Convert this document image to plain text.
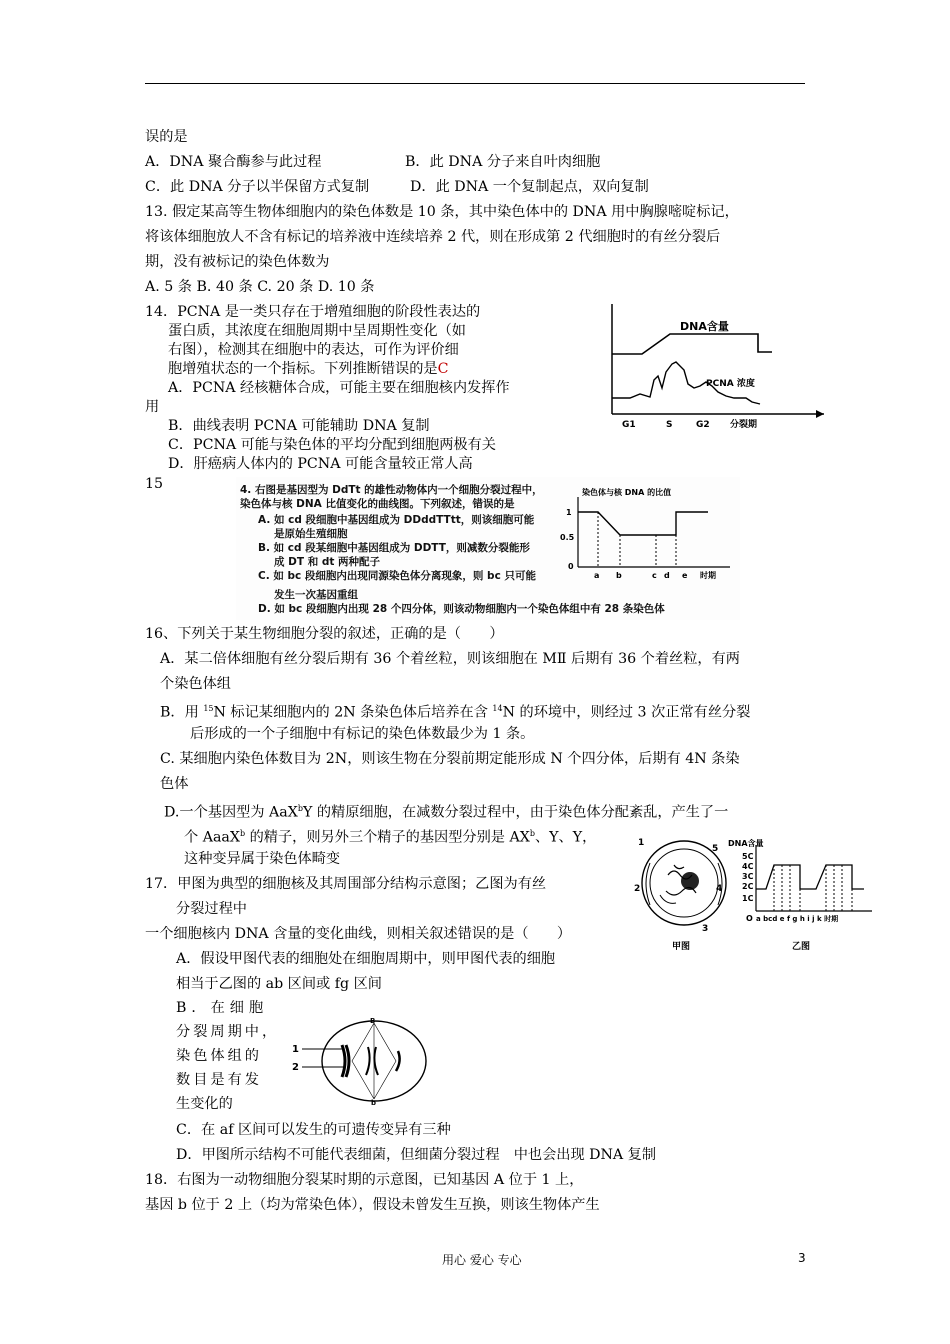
误的是
A．DNA 聚合酶参与此过程	B．此 DNA 分子来自叶肉细胞
C．此 DNA 分子以半保留方式复制	D．此 DNA 一个复制起点，双向复制
13. 假定某高等生物体细胞内的染色体数是 10 条，其中染色体中的 DNA 用中胸腺嘧啶标记，
将该体细胞放人不含有标记的培养液中连续培养 2 代，则在形成第 2 代细胞时的有丝分裂后
期，没有被标记的染色体数为
A. 5 条 B. 40 条 C. 20 条 D. 10 条
14．PCNA 是一类只存在于增殖细胞的阶段性表达的
蛋白质，其浓度在细胞周期中呈周期性变化（如
右图），检测其在细胞中的表达，可作为评价细
胞增殖状态的一个指标。下列推断错误的是C
A．PCNA 经核糖体合成，可能主要在细胞核内发挥作
用
B．曲线表明 PCNA 可能辅助 DNA 复制
C．PCNA 可能与染色体的平均分配到细胞两极有关
D．肝癌病人体内的 PCNA 可能含量较正常人高
DNA含量
PCNA 浓度
G1	S	G2 分裂期
15	4. 右图是基因型为 DdTt 的雄性动物体内一个细胞分裂过程中，
染色体与核 DNA 比值变化的曲线图。下列叙述，错误的是
A. 如 cd 段细胞中基因组成为 DDddTTtt，则该细胞可能
是原始生殖细胞
B. 如 cd 段某细胞中基因组成为 DDTT，则减数分裂能形
成 DT 和 dt 两种配子
C. 如 bc 段细胞内出现同源染色体分离现象，则 bc 只可能
发生一次基因重组
D. 如 bc 段细胞内出现 28 个四分体，则该动物细胞内一个染色体组中有 28 条染色体
染色体与核 DNA 的比值
1
0.5
0
a b	c d e 时期
16、下列关于某生物细胞分裂的叙述，正确的是（　　）
A．某二倍体细胞有丝分裂后期有 36 个着丝粒，则该细胞在 MⅡ 后期有 36 个着丝粒，有两
个染色体组
B．用 $^{15}$N 标记某细胞内的 2N 条染色体后培养在含 $^{14}$N 的环境中，则经过 3 次正常有丝分裂
后形成的一个子细胞中有标记的染色体数最少为 1 条。
C. 某细胞内染色体数目为 2N，则该生物在分裂前期定能形成 N 个四分体，后期有 4N 条染
色体
D.一个基因型为 AaX$^b$Y 的精原细胞，在减数分裂过程中，由于染色体分配紊乱，产生了一
个 AaaX$^b$ 的精子，则另外三个精子的基因型分别是 $AX^b$、Y、Y，
这种变异属于染色体畸变
17．甲图为典型的细胞核及其周围部分结构示意图；乙图为有丝
分裂过程中
一个细胞核内 DNA 含量的变化曲线，则相关叙述错误的是（　　）
A．假设甲图代表的细胞处在细胞周期中，则甲图代表的细胞
相当于乙图的 ab 区间或 fg 区间
B．在细胞
分裂周期中，
染色体组的
数目是有发
生变化的
C．在 af 区间可以发生的可遗传变异有三种
D．甲图所示结构不可能代表细菌，但细菌分裂过程　中也会出现 DNA 复制
18．右图为一动物细胞分裂某时期的示意图，已知基因 A 位于 1 上，
基因 b 位于 2 上（均为常染色体），假设未曾发生互换，则该生物体产生
1
2
3
4
5
甲图
DNA含量
5C
4C
3C
2C
1C
O a bcd e f g h i j k 时期
乙图
1
2
B
b
用心 爱心 专心	3
